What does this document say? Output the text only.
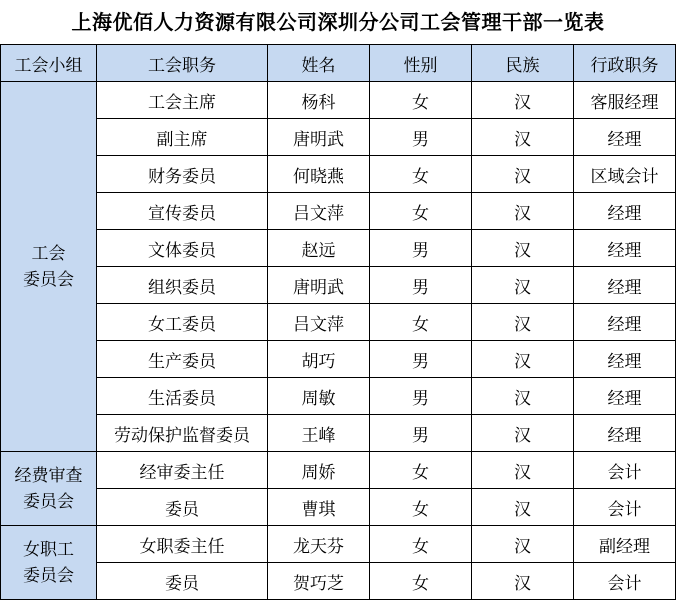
上海优佰人力资源有限公司深圳分公司工会管理干部一览表
工会小组	工会职务	姓名	性别	民族	行政职务

工会
委员会	工会主席	杨科	女	汉	客服经理
	副主席	唐明武	男	汉	经理
	财务委员	何晓燕	女	汉	区域会计
	宣传委员	吕文萍	女	汉	经理
	文体委员	赵远	男	汉	经理
	组织委员	唐明武	男	汉	经理
	女工委员	吕文萍	女	汉	经理
	生产委员	胡巧	男	汉	经理
	生活委员	周敏	男	汉	经理
	劳动保护监督委员	王峰	男	汉	经理

经费审查
委员会	经审委主任	周娇	女	汉	会计
	委员	曹琪	女	汉	会计

女职工
委员会	女职委主任	龙天芬	女	汉	副经理
	委员	贺巧芝	女	汉	会计
